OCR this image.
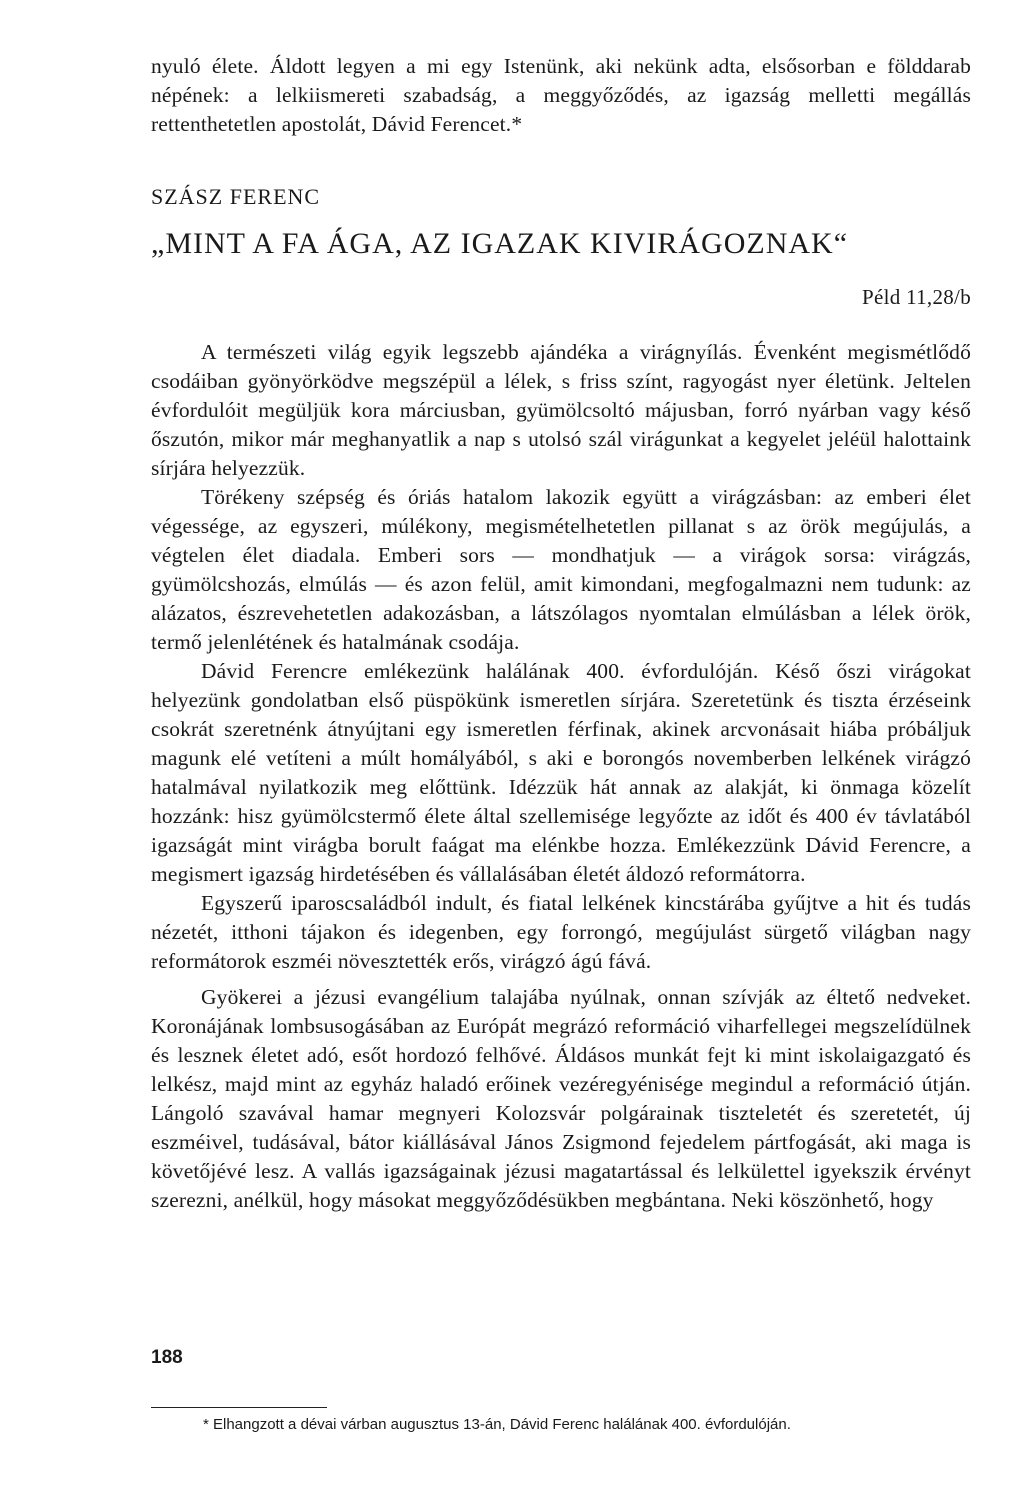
nyuló élete. Áldott legyen a mi egy Istenünk, aki nekünk adta, elsősorban e földdarab népének: a lelkiismereti szabadság, a meggyőződés, az igazság melletti megállás rettenthetetlen apostolát, Dávid Ferencet.*

SZÁSZ FERENC
„MINT A FA ÁGA, AZ IGAZAK KIVIRÁGOZNAK“
Péld 11,28/b

A természeti világ egyik legszebb ajándéka a virágnyílás. Évenként megismétlődő csodáiban gyönyörködve megszépül a lélek, s friss színt, ragyogást nyer életünk. Jeltelen évfordulóit megüljük kora márciusban, gyümölcsoltó májusban, forró nyárban vagy késő őszutón, mikor már meghanyatlik a nap s utolsó szál virágunkat a kegyelet jeléül halottaink sírjára helyezzük.

Törékeny szépség és óriás hatalom lakozik együtt a virágzásban: az emberi élet végessége, az egyszeri, múlékony, megismételhetetlen pillanat s az örök megújulás, a végtelen élet diadala. Emberi sors — mondhatjuk — a virágok sorsa: virágzás, gyümölcshozás, elmúlás — és azon felül, amit kimondani, megfogalmazni nem tudunk: az alázatos, észrevehetetlen adakozásban, a látszólagos nyomtalan elmúlásban a lélek örök, termő jelenlétének és hatalmának csodája.

Dávid Ferencre emlékezünk halálának 400. évfordulóján. Késő őszi virágokat helyezünk gondolatban első püspökünk ismeretlen sírjára. Szeretetünk és tiszta érzéseink csokrát szeretnénk átnyújtani egy ismeretlen férfinak, akinek arcvonásait hiába próbáljuk magunk elé vetíteni a múlt homályából, s aki e borongós novemberben lelkének virágzó hatalmával nyilatkozik meg előttünk. Idézzük hát annak az alakját, ki önmaga közelít hozzánk: hisz gyümölcstermő élete által szellemisége legyőzte az időt és 400 év távlatából igazságát mint virágba borult faágat ma elénkbe hozza. Emlékezzünk Dávid Ferencre, a megismert igazság hirdetésében és vállalásában életét áldozó reformátorra.

Egyszerű iparoscsaládból indult, és fiatal lelkének kincstárába gyűjtve a hit és tudás nézetét, itthoni tájakon és idegenben, egy forrongó, megújulást sürgető világban nagy reformátorok eszméi növesztették erős, virágzó ágú fává.

Gyökerei a jézusi evangélium talajába nyúlnak, onnan szívják az éltető nedveket. Koronájának lombsusogásában az Európát megrázó reformáció viharfellegei megszelídülnek és lesznek életet adó, esőt hordozó felhővé. Áldásos munkát fejt ki mint iskolaigazgató és lelkész, majd mint az egyház haladó erőinek vezéregyénisége megindul a reformáció útján. Lángoló szavával hamar megnyeri Kolozsvár polgárainak tiszteletét és szeretetét, új eszméivel, tudásával, bátor kiállásával János Zsigmond fejedelem pártfogását, aki maga is követőjévé lesz. A vallás igazságainak jézusi magatartással és lelkülettel igyekszik érvényt szerezni, anélkül, hogy másokat meggyőződésükben megbántana. Neki köszönhető, hogy

* Elhangzott a dévai várban augusztus 13-án, Dávid Ferenc halálának 400. évfordulóján.
188
